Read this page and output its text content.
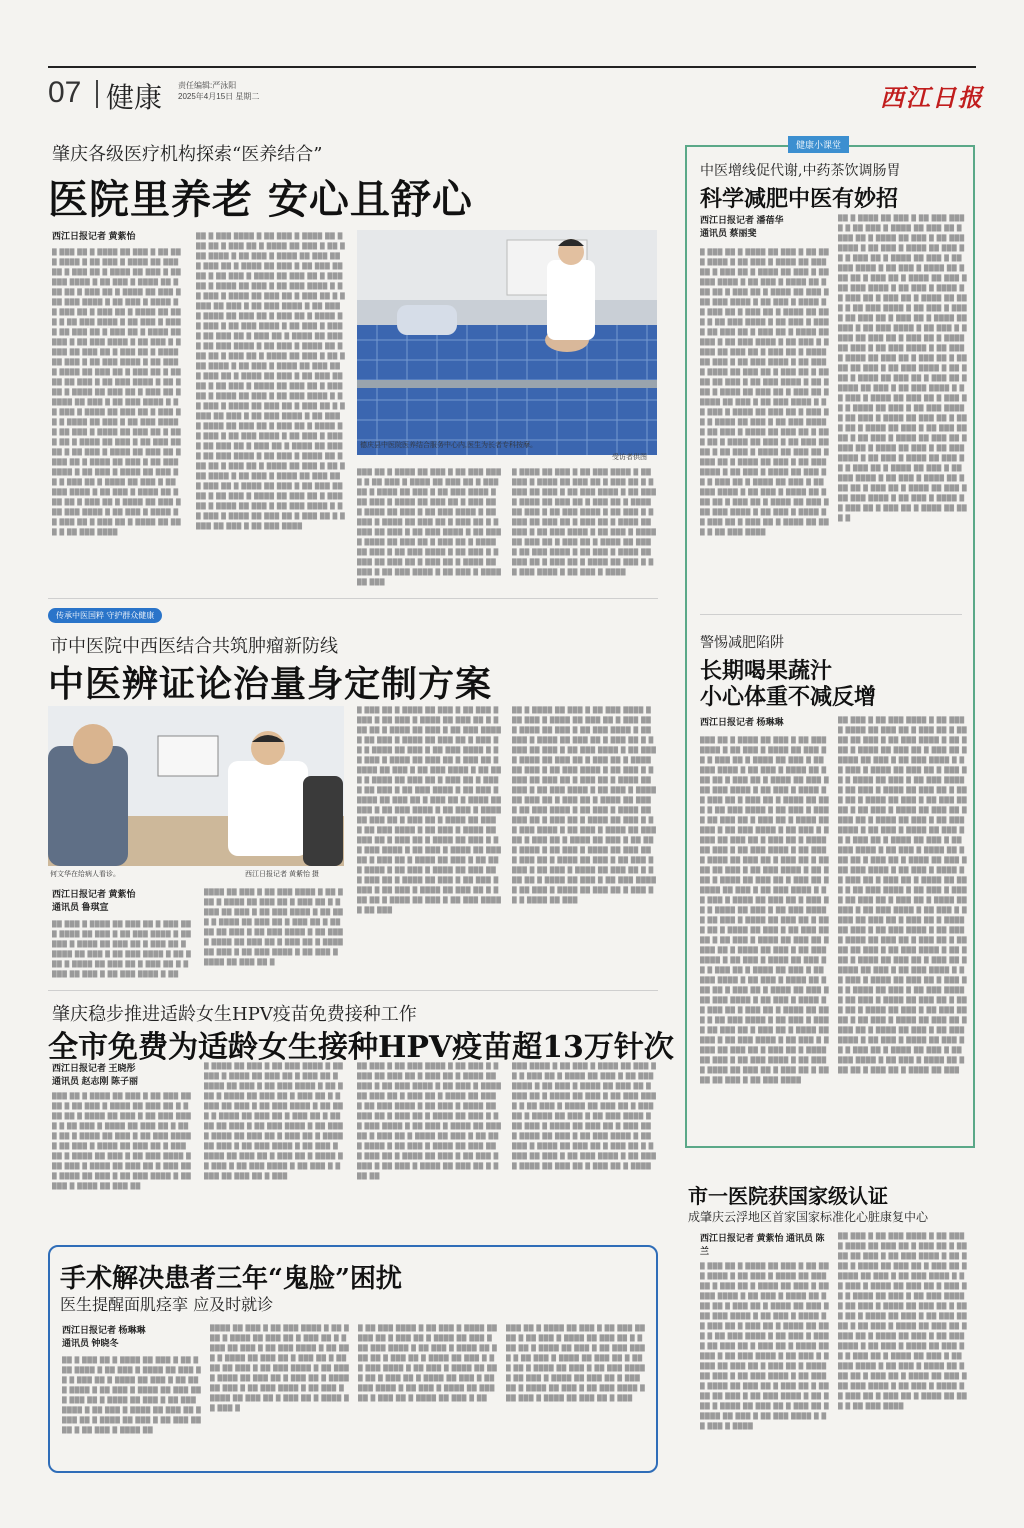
07 健康 责任编辑:严泳阳
2025年4月15日 星期二	西江日报
肇庆各级医疗机构探索“医养结合”
医院里养老 安心且舒心
西江日报记者 黄紫怡
█ ███ ██ █ ████ ██ ███ █ ██ ███ ████ █ ██ ███ █ ████ ██ ███ ██ █ ███ ██ █ ████ ██ ███ █ ██ ███ ████ █ ██ ███ █ ████ ██ ███ ██ █ ███ ██ █ ████ ██ ███ █ ██ ███ ████ █ ██ ███ █ ████ ██ ███ ██ █ ███ ██ █ ████ ██ ███ █ ██ ███ ████ █ ██ ███ █ ████ ██ ███ ██ █ ███ ██ █ ████ ██ ███ █ ██ ███ ████ █ ██ ███ █ ████ ██ ███ ██ █ ███ ██ █ ████ ██ ███ █ ██ ███ ████ █ ██ ███ █ ████ ██ ███ ██ █ ███ ██ █ ████ ██ ███ █ ██ ███ ████ █ ██ ███ █ ████ ██ ███ ██ █ ███ ██ █ ████ ██ ███ █ ██ ███ ████ █ ██ ███ █ ████ ██ ███ ██ █ ███ ██ █ ████ ██ ███ █ ██ ███ ████ █ ██ ███ █ ████ ██ ███ ██ █ ███ ██ █ ████ ██ ███ █ ██ ███ ████ █ ██ ███ █ ████ ██ ███ ██ █ ███ ██ █ ████ ██ ███ █ ██ ███ ████ █ ██ ███ █ ████ ██ ███ ██ █ ███ ██ █ ████ ██ ███ █ ██ ███ ████ █ ██ ███ █ ████ ██ ███ ██ █ ███ ██ █ ████ ██ ███ █ ██ ███ ████ █ ██ ███ █ ████ ██ ███ ██ █ ███ ██ █ ████ ██ ███ █ ██ ███ ████
██ █ ███ ████ █ ██ ███ █ ████ ██ ███ ██ █ ███ ██ █ ████ ██ ███ █ ██ ███ ████ █ ██ ███ █ ████ ██ ███ ██ █ ███ ██ █ ████ ██ ███ █ ██ ███ ████ █ ██ ███ █ ████ ██ ███ ██ █ ███ ██ █ ████ ██ ███ █ ██ ███ ████ █ ██ ███ █ ████ ██ ███ ██ █ ███ ██ █ ████ ██ ███ █ ██ ███ ████ █ ██ ███ █ ████ ██ ███ ██ █ ███ ██ █ ████ ██ ███ █ ██ ███ ████ █ ██ ███ █ ████ ██ ███ ██ █ ███ ██ █ ████ ██ ███ █ ██ ███ ████ █ ██ ███ █ ████ ██ ███ ██ █ ███ ██ █ ████ ██ ███ █ ██ ███ ████ █ ██ ███ █ ████ ██ ███ ██ █ ███ ██ █ ████ ██ ███ █ ██ ███ ████ █ ██ ███ █ ████ ██ ███ ██ █ ███ ██ █ ████ ██ ███ █ ██ ███ ████ █ ██ ███ █ ████ ██ ███ ██ █ ███ ██ █ ████ ██ ███ █ ██ ███ ████ █ ██ ███ █ ████ ██ ███ ██ █ ███ ██ █ ████ ██ ███ █ ██ ███ ████ █ ██ ███ █ ████ ██ ███ ██ █ ███ ██ █ ████ ██ ███ █ ██ ███ ████ █ ██ ███ █ ████ ██ ███ ██ █ ███ ██ █ ████ ██ ███ █ ██ ███ ████ █ ██ ███ █ ████ ██ ███ ██ █ ███ ██ █ ████ ██ ███ █ ██ ███ ████ █ ██ ███ █ ████ ██ ███ ██ █ ███ ██ █ ████ ██ ███ █ ██ ███ ████ █ ██ ███ █ ████ ██ ███ ██ █ ███ ██ █ ████ ██ ███ █ ██ ███ ████
德庆县中医院医养结合服务中心内,医生为长者专科按摩。
受访者供图
███ ██ █ ████ ██ ███ █ ██ ███ ████ █ ██ ███ █ ████ ██ ███ ██ █ ███ ██ █ ████ ██ ███ █ ██ ███ ████ █ ██ ███ █ ████ ██ ███ ██ █ ███ ██ █ ████ ██ ███ █ ██ ███ ████ █ ██ ███ █ ████ ██ ███ ██ █ ███ ██ █ ████ ██ ███ █ ██ ███ ████ █ ██ ███ █ ████ ██ ███ ██ █ ███ ██ █ ████ ██ ███ █ ██ ███ ████ █ ██ ███ █ ████ ██ ███ ██ █ ███ ██ █ ████ ██ ███ █ ██ ███ ████ █ ██ ███ █ ████ ██ ███
█ ████ ██ ███ █ ██ ███ ████ █ ██ ███ █ ████ ██ ███ ██ █ ███ ██ █ ████ ██ ███ █ ██ ███ ████ █ ██ ███ █ ████ ██ ███ ██ █ ███ ██ █ ████ ██ ███ █ ██ ███ ████ █ ██ ███ █ ████ ██ ███ ██ █ ███ ██ █ ████ ██ ███ █ ██ ███ ████ █ ██ ███ █ ████ ██ ███ ██ █ ███ ██ █ ████ ██ ███ █ ██ ███ ████ █ ██ ███ █ ████ ██ ███ ██ █ ███ ██ █ ████ ██ ███ █ ██ ███ ████ █ ██ ███ █ ████
传承中医国粹 守护群众健康
市中医院中西医结合共筑肿瘤新防线
中医辨证论治量身定制方案
何文华在给病人看诊。	西江日报记者 黄紫怡 摄
西江日报记者 黄紫怡
通讯员 鲁琪宣
██ ███ █ ████ ██ ███ ██ █ ███ ██ █ ████ ██ ███ █ ██ ███ ████ █ ██ ███ █ ████ ██ ███ ██ █ ███ ██ █ ████ ██ ███ █ ██ ███ ████ █ ██ ███ █ ████ ██ ███ ██ █ ███ ██ █ ████ ██ ███ █ ██ ███ ████ █ ██
████ ██ ███ █ ██ ███ ████ █ ██ ███ █ ████ ██ ███ ██ █ ███ ██ █ ████ ██ ███ █ ██ ███ ████ █ ██ ███ █ ████ ██ ███ ██ █ ███ ██ █ ████ ██ ███ █ ██ ███ ████ █ ██ ███ █ ████ ██ ███ ██ █ ███ ██ █ ████ ██ ███ █ ██ ███ ████ █ ██ ███ █ ████ ██ ███ ██ █
█ ███ ██ █ ████ ██ ███ █ ██ ███ ████ █ ██ ███ █ ████ ██ ███ ██ █ ███ ██ █ ████ ██ ███ █ ██ ███ ████ █ ██ ███ █ ████ ██ ███ ██ █ ███ ██ █ ████ ██ ███ █ ██ ███ ████ █ ██ ███ █ ████ ██ ███ ██ █ ███ ██ █ ████ ██ ███ █ ██ ███ ████ █ ██ ███ █ ████ ██ ███ ██ █ ███ ██ █ ████ ██ ███ █ ██ ███ ████ █ ██ ███ █ ████ ██ ███ ██ █ ███ ██ █ ████ ██ ███ █ ██ ███ ████ █ ██ ███ █ ████ ██ ███ ██ █ ███ ██ █ ████ ██ ███ █ ██ ███ ████ █ ██ ███ █ ████ ██ ███ ██ █ ███ ██ █ ████ ██ ███ █ ██ ███ ████ █ ██ ███ █ ████ ██ ███ ██ █ ███ ██ █ ████ ██ ███ █ ██ ███ ████ █ ██ ███ █ ████ ██ ███ ██ █ ███ ██ █ ████ ██ ███ █ ██ ███ ████ █ ██ ███ █ ████ ██ ███ ██ █ ███ ██ █ ████ ██ ███ █ ██ ███ ████ █ ██ ███
██ █ ████ ██ ███ █ ██ ███ ████ █ ██ ███ █ ████ ██ ███ ██ █ ███ ██ █ ████ ██ ███ █ ██ ███ ████ █ ██ ███ █ ████ ██ ███ ██ █ ███ ██ █ ████ ██ ███ █ ██ ███ ████ █ ██ ███ █ ████ ██ ███ ██ █ ███ ██ █ ████ ██ ███ █ ██ ███ ████ █ ██ ███ █ ████ ██ ███ ██ █ ███ ██ █ ████ ██ ███ █ ██ ███ ████ █ ██ ███ █ ████ ██ ███ ██ █ ███ ██ █ ████ ██ ███ █ ██ ███ ████ █ ██ ███ █ ████ ██ ███ ██ █ ███ ██ █ ████ ██ ███ █ ██ ███ ████ █ ██ ███ █ ████ ██ ███ ██ █ ███ ██ █ ████ ██ ███ █ ██ ███ ████ █ ██ ███ █ ████ ██ ███ ██ █ ███ ██ █ ████ ██ ███ █ ██ ███ ████ █ ██ ███ █ ████ ██ ███ ██ █ ███ ██ █ ████ ██ ███ █ ██ ███ ████ █ ██ ███ █ ████ ██ ███ ██ █ ███ ██ █ ████ ██ ███
肇庆稳步推进适龄女生HPV疫苗免费接种工作
全市免费为适龄女生接种HPV疫苗超13万针次
西江日报记者 王晓彤
通讯员 赵志刚 陈子丽
███ ██ █ ████ ██ ███ █ ██ ███ ████ █ ██ ███ █ ████ ██ ███ ██ █ ███ ██ █ ████ ██ ███ █ ██ ███ ████ █ ██ ███ █ ████ ██ ███ ██ █ ███ ██ █ ████ ██ ███ █ ██ ███ ████ █ ██ ███ █ ████ ██ ███ ██ █ ███ ██ █ ████ ██ ███ █ ██ ███ ████ █ ██ ███ █ ████ ██ ███ ██ █ ███ ██ █ ████ ██ ███ █ ██ ███ ████ █ ██ ███ █ ████ ██ ███ ██
█ ████ ██ ███ █ ██ ███ ████ █ ██ ███ █ ████ ██ ███ ██ █ ███ ██ █ ████ ██ ███ █ ██ ███ ████ █ ██ ███ █ ████ ██ ███ ██ █ ███ ██ █ ████ ██ ███ █ ██ ███ ████ █ ██ ███ █ ████ ██ ███ ██ █ ███ ██ █ ████ ██ ███ █ ██ ███ ████ █ ██ ███ █ ████ ██ ███ ██ █ ███ ██ █ ████ ██ ███ █ ██ ███ ████ █ ██ ███ █ ████ ██ ███ ██ █ ███ ██ █ ████ ██ ███ █ ██ ███ ████ █ ██ ███ █ ████ ██ ███ ██ █ ███
██ ███ █ ██ ███ ████ █ ██ ███ █ ████ ██ ███ ██ █ ███ ██ █ ████ ██ ███ █ ██ ███ ████ █ ██ ███ █ ████ ██ ███ ██ █ ███ ██ █ ████ ██ ███ █ ██ ███ ████ █ ██ ███ █ ████ ██ ███ ██ █ ███ ██ █ ████ ██ ███ █ ██ ███ ████ █ ██ ███ █ ████ ██ ███ ██ █ ███ ██ █ ████ ██ ███ █ ██ ███ ████ █ ██ ███ █ ████ ██ ███ ██ █ ███ ██ █ ████ ██ ███ █ ██ ███ ████ █ ██ ███ █ ████ ██ ███ ██ █ ███ ██
███ ████ █ ██ ███ █ ████ ██ ███ ██ █ ███ ██ █ ████ ██ ███ █ ██ ███ ████ █ ██ ███ █ ████ ██ ███ ██ █ ███ ██ █ ████ ██ ███ █ ██ ███ ████ █ ██ ███ █ ████ ██ ███ ██ █ ███ ██ █ ████ ██ ███ █ ██ ███ ████ █ ██ ███ █ ████ ██ ███ ██ █ ███ ██ █ ████ ██ ███ █ ██ ███ ████ █ ██ ███ █ ████ ██ ███ ██ █ ███ ██ █ ████ ██ ███ █ ██ ███ ████ █ ██ ███ █ ████ ██ ███ ██ █ ███ ██ █ ████
手术解决患者三年“鬼脸”困扰
医生提醒面肌痉挛 应及时就诊
西江日报记者 杨琳琳
通讯员 钟晓冬
██ █ ███ ██ █ ████ ██ ███ █ ██ ███ ████ █ ██ ███ █ ████ ██ ███ ██ █ ███ ██ █ ████ ██ ███ █ ██ ███ ████ █ ██ ███ █ ████ ██ ███ ██ █ ███ ██ █ ████ ██ ███ █ ██ ███ ████ █ ██ ███ █ ████ ██ ███ ██ █ ███ ██ █ ████ ██ ███ █ ██ ███ ████ █ ██ ███ █ ████ ██
████ ██ ███ █ ██ ███ ████ █ ██ ███ █ ████ ██ ███ ██ █ ███ ██ █ ████ ██ ███ █ ██ ███ ████ █ ██ ███ █ ████ ██ ███ ██ █ ███ ██ █ ████ ██ ███ █ ██ ███ ████ █ ██ ███ █ ████ ██ ███ ██ █ ███ ██ █ ████ ██ ███ █ ██ ███ ████ █ ██ ███ █ ████ ██ ███ ██ █ ███ ██ █ ████ ██ ███ █
█ ██ ███ ████ █ ██ ███ █ ████ ██ ███ ██ █ ███ ██ █ ████ ██ ███ █ ██ ███ ████ █ ██ ███ █ ████ ██ ███ ██ █ ███ ██ █ ████ ██ ███ █ ██ ███ ████ █ ██ ███ █ ████ ██ ███ ██ █ ███ ██ █ ████ ██ ███ █ ██ ███ ████ █ ██ ███ █ ████ ██ ███ ██ █ ███ ██ █ ████ ██ ███ █ ██
███ ██ █ ████ ██ ███ █ ██ ███ ████ █ ██ ███ █ ████ ██ ███ ██ █ ███ ██ █ ████ ██ ███ █ ██ ███ ████ █ ██ ███ █ ████ ██ ███ ██ █ ███ ██ █ ████ ██ ███ █ ██ ███ ████ █ ██ ███ █ ████ ██ ███ ██ █ ███ ██ █ ████ ██ ███ █ ██ ███ ████ █ ██ ███ █ ████ ██ ███ ██ █ ███
健康小课堂
中医增线促代谢,中药茶饮调肠胃
科学减肥中医有妙招
西江日报记者 潘蓓华
通讯员 蔡丽斐
█ ███ ██ █ ████ ██ ███ █ ██ ███ ████ █ ██ ███ █ ████ ██ ███ ██ █ ███ ██ █ ████ ██ ███ █ ██ ███ ████ █ ██ ███ █ ████ ██ ███ ██ █ ███ ██ █ ████ ██ ███ █ ██ ███ ████ █ ██ ███ █ ████ ██ ███ ██ █ ███ ██ █ ████ ██ ███ █ ██ ███ ████ █ ██ ███ █ ████ ██ ███ ██ █ ███ ██ █ ████ ██ ███ █ ██ ███ ████ █ ██ ███ █ ████ ██ ███ ██ █ ███ ██ █ ████ ██ ███ █ ██ ███ ████ █ ██ ███ █ ████ ██ ███ ██ █ ███ ██ █ ████ ██ ███ █ ██ ███ ████ █ ██ ███ █ ████ ██ ███ ██ █ ███ ██ █ ████ ██ ███ █ ██ ███ ████ █ ██ ███ █ ████ ██ ███ ██ █ ███ ██ █ ████ ██ ███ █ ██ ███ ████ █ ██ ███ █ ████ ██ ███ ██ █ ███ ██ █ ████ ██ ███ █ ██ ███ ████ █ ██ ███ █ ████ ██ ███ ██ █ ███ ██ █ ████ ██ ███ █ ██ ███ ████ █ ██ ███ █ ████ ██ ███ ██ █ ███ ██ █ ████ ██ ███ █ ██ ███ ████ █ ██ ███ █ ████ ██ ███ ██ █ ███ ██ █ ████ ██ ███ █ ██ ███ ████ █ ██ ███ █ ████ ██ ███ ██ █ ███ ██ █ ████ ██ ███ █ ██ ███ ████
██ █ ████ ██ ███ █ ██ ███ ████ █ ██ ███ █ ████ ██ ███ ██ █ ███ ██ █ ████ ██ ███ █ ██ ███ ████ █ ██ ███ █ ████ ██ ███ ██ █ ███ ██ █ ████ ██ ███ █ ██ ███ ████ █ ██ ███ █ ████ ██ ███ ██ █ ███ ██ █ ████ ██ ███ █ ██ ███ ████ █ ██ ███ █ ████ ██ ███ ██ █ ███ ██ █ ████ ██ ███ █ ██ ███ ████ █ ██ ███ █ ████ ██ ███ ██ █ ███ ██ █ ████ ██ ███ █ ██ ███ ████ █ ██ ███ █ ████ ██ ███ ██ █ ███ ██ █ ████ ██ ███ █ ██ ███ ████ █ ██ ███ █ ████ ██ ███ ██ █ ███ ██ █ ████ ██ ███ █ ██ ███ ████ █ ██ ███ █ ████ ██ ███ ██ █ ███ ██ █ ████ ██ ███ █ ██ ███ ████ █ ██ ███ █ ████ ██ ███ ██ █ ███ ██ █ ████ ██ ███ █ ██ ███ ████ █ ██ ███ █ ████ ██ ███ ██ █ ███ ██ █ ████ ██ ███ █ ██ ███ ████ █ ██ ███ █ ████ ██ ███ ██ █ ███ ██ █ ████ ██ ███ █ ██ ███ ████ █ ██ ███ █ ████ ██ ███ ██ █ ███ ██ █ ████ ██ ███ █ ██ ███ ████ █ ██ ███ █ ████ ██ ███ ██ █ ███ ██ █ ████ ██ ███ █ ██ ███ ████ █ ██ ███ █ ████ ██ ███ ██ █ ███ ██ █ ████ ██ ███ █
警惕减肥陷阱
长期喝果蔬汁
小心体重不减反增
西江日报记者 杨琳琳
███ ██ █ ████ ██ ███ █ ██ ███ ████ █ ██ ███ █ ████ ██ ███ ██ █ ███ ██ █ ████ ██ ███ █ ██ ███ ████ █ ██ ███ █ ████ ██ ███ ██ █ ███ ██ █ ████ ██ ███ █ ██ ███ ████ █ ██ ███ █ ████ ██ ███ ██ █ ███ ██ █ ████ ██ ███ █ ██ ███ ████ █ ██ ███ █ ████ ██ ███ ██ █ ███ ██ █ ████ ██ ███ █ ██ ███ ████ █ ██ ███ █ ████ ██ ███ ██ █ ███ ██ █ ████ ██ ███ █ ██ ███ ████ █ ██ ███ █ ████ ██ ███ ██ █ ███ ██ █ ████ ██ ███ █ ██ ███ ████ █ ██ ███ █ ████ ██ ███ ██ █ ███ ██ █ ████ ██ ███ █ ██ ███ ████ █ ██ ███ █ ████ ██ ███ ██ █ ███ ██ █ ████ ██ ███ █ ██ ███ ████ █ ██ ███ █ ████ ██ ███ ██ █ ███ ██ █ ████ ██ ███ █ ██ ███ ████ █ ██ ███ █ ████ ██ ███ ██ █ ███ ██ █ ████ ██ ███ █ ██ ███ ████ █ ██ ███ █ ████ ██ ███ ██ █ ███ ██ █ ████ ██ ███ █ ██ ███ ████ █ ██ ███ █ ████ ██ ███ ██ █ ███ ██ █ ████ ██ ███ █ ██ ███ ████ █ ██ ███ █ ████ ██ ███ ██ █ ███ ██ █ ████ ██ ███ █ ██ ███ ████ █ ██ ███ █ ████ ██ ███ ██ █ ███ ██ █ ████ ██ ███ █ ██ ███ ████ █ ██ ███ █ ████ ██ ███ ██ █ ███ ██ █ ████ ██ ███ █ ██ ███ ████ █ ██ ███ █ ████ ██ ███ ██ █ ███ ██ █ ████ ██ ███ █ ██ ███ ████
██ ███ █ ██ ███ ████ █ ██ ███ █ ████ ██ ███ ██ █ ███ ██ █ ████ ██ ███ █ ██ ███ ████ █ ██ ███ █ ████ ██ ███ ██ █ ███ ██ █ ████ ██ ███ █ ██ ███ ████ █ ██ ███ █ ████ ██ ███ ██ █ ███ ██ █ ████ ██ ███ █ ██ ███ ████ █ ██ ███ █ ████ ██ ███ ██ █ ███ ██ █ ████ ██ ███ █ ██ ███ ████ █ ██ ███ █ ████ ██ ███ ██ █ ███ ██ █ ████ ██ ███ █ ██ ███ ████ █ ██ ███ █ ████ ██ ███ ██ █ ███ ██ █ ████ ██ ███ █ ██ ███ ████ █ ██ ███ █ ████ ██ ███ ██ █ ███ ██ █ ████ ██ ███ █ ██ ███ ████ █ ██ ███ █ ████ ██ ███ ██ █ ███ ██ █ ████ ██ ███ █ ██ ███ ████ █ ██ ███ █ ████ ██ ███ ██ █ ███ ██ █ ████ ██ ███ █ ██ ███ ████ █ ██ ███ █ ████ ██ ███ ██ █ ███ ██ █ ████ ██ ███ █ ██ ███ ████ █ ██ ███ █ ████ ██ ███ ██ █ ███ ██ █ ████ ██ ███ █ ██ ███ ████ █ ██ ███ █ ████ ██ ███ ██ █ ███ ██ █ ████ ██ ███ █ ██ ███ ████ █ ██ ███ █ ████ ██ ███ ██ █ ███ ██ █ ████ ██ ███ █ ██ ███ ████ █ ██ ███ █ ████ ██ ███ ██ █ ███ ██ █ ████ ██ ███ █ ██ ███ ████ █ ██ ███ █ ████ ██ ███ ██ █ ███ ██ █ ████ ██ ███ █ ██ ███ ████ █ ██ ███ █ ████ ██ ███ ██ █ ███ ██ █ ████ ██ ███ █ ██ ███ ████ █ ██ ███ █ ████ ██ ███ ██ █ ███ ██ █ ████ ██ ███
市一医院获国家级认证
成肇庆云浮地区首家国家标准化心脏康复中心
西江日报记者 黄紫怡 通讯员 陈兰
█ ███ ██ █ ████ ██ ███ █ ██ ███ ████ █ ██ ███ █ ████ ██ ███ ██ █ ███ ██ █ ████ ██ ███ █ ██ ███ ████ █ ██ ███ █ ████ ██ ███ ██ █ ███ ██ █ ████ ██ ███ █ ██ ███ ████ █ ██ ███ █ ████ ██ ███ ██ █ ███ ██ █ ████ ██ ███ █ ██ ███ ████ █ ██ ███ █ ████ ██ ███ ██ █ ███ ██ █ ████ ██ ███ █ ██ ███ ████ █ ██ ███ █ ████ ██ ███ ██ █ ███ ██ █ ████ ██ ███ █ ██ ███ ████ █ ██ ███ █ ████ ██ ███ ██ █ ███ ██ █ ████ ██ ███ █ ██ ███ ████ █ ██ ███ █ ████ ██ ███ ██ █ ███ ██ █ ████ ██ ███ █ ██ ███ ████ █ ██ ███ █ ████
██ ███ █ ██ ███ ████ █ ██ ███ █ ████ ██ ███ ██ █ ███ ██ █ ████ ██ ███ █ ██ ███ ████ █ ██ ███ █ ████ ██ ███ ██ █ ███ ██ █ ████ ██ ███ █ ██ ███ ████ █ ██ ███ █ ████ ██ ███ ██ █ ███ ██ █ ████ ██ ███ █ ██ ███ ████ █ ██ ███ █ ████ ██ ███ ██ █ ███ ██ █ ████ ██ ███ █ ██ ███ ████ █ ██ ███ █ ████ ██ ███ ██ █ ███ ██ █ ████ ██ ███ █ ██ ███ ████ █ ██ ███ █ ████ ██ ███ ██ █ ███ ██ █ ████ ██ ███ █ ██ ███ ████ █ ██ ███ █ ████ ██ ███ ██ █ ███ ██ █ ████ ██ ███ █ ██ ███ ████ █ ██ ███ █ ████ ██ ███ ██ █ ███ ██ █ ████ ██ ███ █ ██ ███ ████
